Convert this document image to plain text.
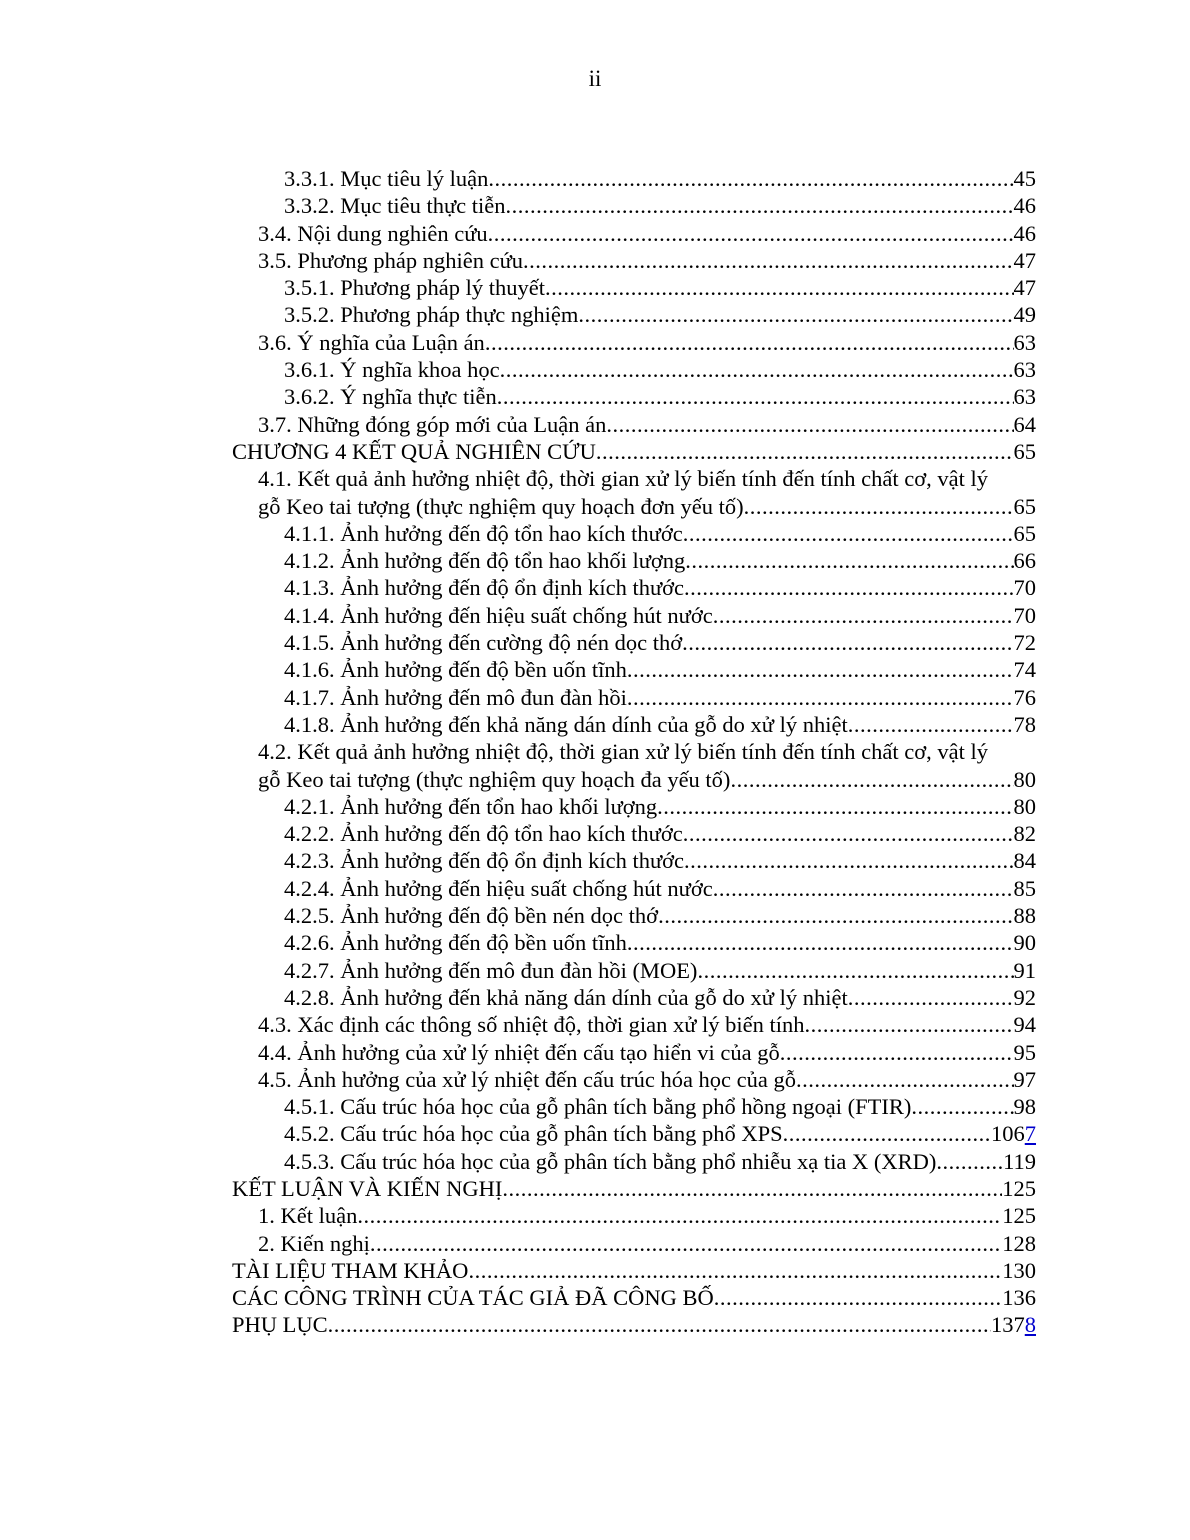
ii
3.3.1. Mục tiêu lý luận .....	45
3.3.2. Mục tiêu thực tiễn .....	46
3.4. Nội dung nghiên cứu .....	46
3.5. Phương pháp nghiên cứu .....	47
3.5.1. Phương pháp lý thuyết .....	47
3.5.2. Phương pháp thực nghiệm .....	49
3.6. Ý nghĩa của Luận án .....	63
3.6.1. Ý nghĩa khoa học .....	63
3.6.2. Ý nghĩa thực tiễn .....	63
3.7. Những đóng góp mới của Luận án .....	64
CHƯƠNG 4 KẾT QUẢ NGHIÊN CỨU .....	65
4.1. Kết quả ảnh hưởng nhiệt độ, thời gian xử lý biến tính đến tính chất cơ, vật lý
gỗ Keo tai tượng (thực nghiệm quy hoạch đơn yếu tố) .....	65
4.1.1. Ảnh hưởng đến độ tổn hao kích thước .....	65
4.1.2. Ảnh hưởng đến độ tổn hao khối lượng .....	66
4.1.3. Ảnh hưởng đến độ ổn định kích thước .....	70
4.1.4. Ảnh hưởng đến hiệu suất chống hút nước .....	70
4.1.5. Ảnh hưởng đến cường độ nén dọc thớ .....	72
4.1.6. Ảnh hưởng đến độ bền uốn tĩnh .....	74
4.1.7. Ảnh hưởng đến mô đun đàn hồi .....	76
4.1.8. Ảnh hưởng đến khả năng dán dính của gỗ do xử lý nhiệt .....	78
4.2. Kết quả ảnh hưởng nhiệt độ, thời gian xử lý biến tính đến tính chất cơ, vật lý
gỗ Keo tai tượng (thực nghiệm quy hoạch đa yếu tố) .....	80
4.2.1. Ảnh hưởng đến tổn hao khối lượng .....	80
4.2.2. Ảnh hưởng đến độ tổn hao kích thước .....	82
4.2.3. Ảnh hưởng đến độ ổn định kích thước .....	84
4.2.4. Ảnh hưởng đến hiệu suất chống hút nước .....	85
4.2.5. Ảnh hưởng đến độ bền nén dọc thớ .....	88
4.2.6. Ảnh hưởng đến độ bền uốn tĩnh .....	90
4.2.7. Ảnh hưởng đến mô đun đàn hồi (MOE) .....	91
4.2.8. Ảnh hưởng đến khả năng dán dính của gỗ do xử lý nhiệt .....	92
4.3. Xác định các thông số nhiệt độ, thời gian xử lý biến tính .....	94
4.4. Ảnh hưởng của xử lý nhiệt đến cấu tạo hiển vi của gỗ .....	95
4.5. Ảnh hưởng của xử lý nhiệt đến cấu trúc hóa học của gỗ .....	97
4.5.1. Cấu trúc hóa học của gỗ phân tích bằng phổ hồng ngoại (FTIR) .....	98
4.5.2. Cấu trúc hóa học của gỗ phân tích bằng phổ XPS .....	1067
4.5.3. Cấu trúc hóa học của gỗ phân tích bằng phổ nhiễu xạ tia X (XRD) .....	119
KẾT LUẬN VÀ KIẾN NGHỊ .....	125
1. Kết luận .....	125
2. Kiến nghị .....	128
TÀI LIỆU THAM KHẢO .....	130
CÁC CÔNG TRÌNH CỦA TÁC GIẢ ĐÃ CÔNG BỐ .....	136
PHỤ LỤC .....	1378
